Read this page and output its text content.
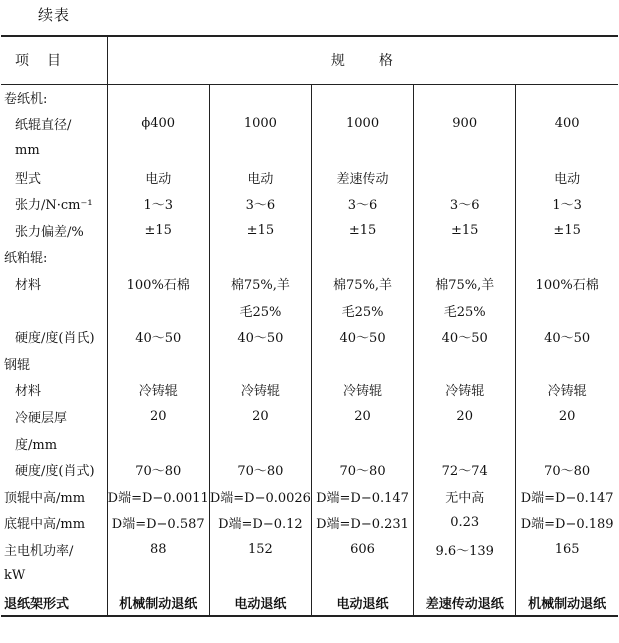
续表
项　目	规　　格				
卷纸机:					
纸辊直径/	ϕ400	1000	1000	900	400
mm					
型式	电动	电动	差速传动		电动
张力/N·cm⁻¹	1～3	3～6	3～6	3～6	1～3
张力偏差/%	±15	±15	±15	±15	±15
纸粕辊:					
材料	100%石棉	棉75%,羊	棉75%,羊	棉75%,羊	100%石棉
		毛25%	毛25%	毛25%	
硬度/度(肖氏)	40～50	40～50	40～50	40～50	40～50
钢辊					
材料	冷铸辊	冷铸辊	冷铸辊	冷铸辊	冷铸辊
冷硬层厚	20	20	20	20	20
度/mm					
硬度/度(肖式)	70～80	70～80	70～80	72～74	70～80
顶辊中高/mm	D端=D−0.0011	D端=D−0.0026	D端=D−0.147	无中高	D端=D−0.147
底辊中高/mm	D端=D−0.587	D端=D−0.12	D端=D−0.231	0.23	D端=D−0.189
主电机功率/	88	152	606	9.6～139	165
kW					
退纸架形式	机械制动退纸	电动退纸	电动退纸	差速传动退纸	机械制动退纸
